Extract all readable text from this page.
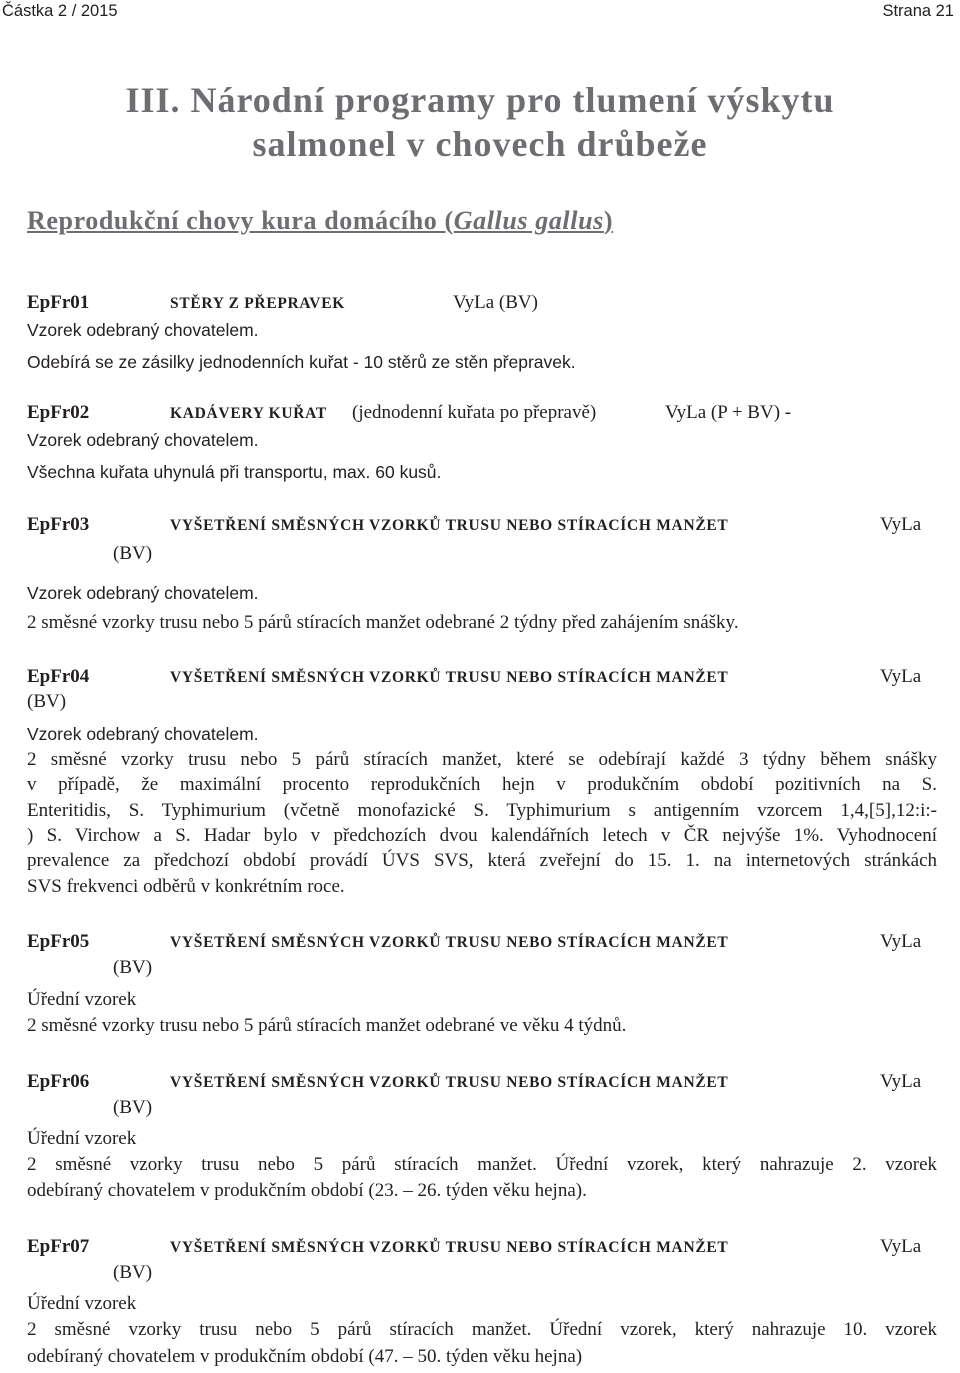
Částka 2 / 2015	Strana 21
III. Národní programy pro tlumení výskytu
salmonel v chovech drůbeže
Reprodukční chovy kura domácího (Gallus gallus)
EpFr01	STĚRY Z PŘEPRAVEK	VyLa (BV)
Vzorek odebraný chovatelem.
Odebírá se ze zásilky jednodenních kuřat - 10 stěrů ze stěn přepravek.
EpFr02	KADÁVERY KUŘAT (jednodenní kuřata po přepravě)	VyLa (P + BV) -
Vzorek odebraný chovatelem.
Všechna kuřata uhynulá při transportu, max. 60 kusů.
EpFr03	VYŠETŘENÍ SMĚSNÝCH VZORKŮ TRUSU NEBO STÍRACÍCH MANŽET	VyLa
(BV)
Vzorek odebraný chovatelem.
2 směsné vzorky trusu nebo 5 párů stíracích manžet odebrané 2 týdny před zahájením snášky.
EpFr04	VYŠETŘENÍ SMĚSNÝCH VZORKŮ TRUSU NEBO STÍRACÍCH MANŽET	VyLa
(BV)
Vzorek odebraný chovatelem.
2 směsné vzorky trusu nebo 5 párů stíracích manžet, které se odebírají každé 3 týdny během snášky
v případě, že maximální procento reprodukčních hejn v produkčním období pozitivních na S.
Enteritidis, S. Typhimurium (včetně monofazické S. Typhimurium s antigenním vzorcem 1,4,[5],12:i:-
) S. Virchow a S. Hadar bylo v předchozích dvou kalendářních letech v ČR nejvýše 1%. Vyhodnocení
prevalence za předchozí období provádí ÚVS SVS, která zveřejní do 15. 1. na internetových stránkách
SVS frekvenci odběrů v konkrétním roce.
EpFr05	VYŠETŘENÍ SMĚSNÝCH VZORKŮ TRUSU NEBO STÍRACÍCH MANŽET	VyLa
(BV)
Úřední vzorek
2 směsné vzorky trusu nebo 5 párů stíracích manžet odebrané ve věku 4 týdnů.
EpFr06	VYŠETŘENÍ SMĚSNÝCH VZORKŮ TRUSU NEBO STÍRACÍCH MANŽET	VyLa
(BV)
Úřední vzorek
2 směsné vzorky trusu nebo 5 párů stíracích manžet. Úřední vzorek, který nahrazuje 2. vzorek
odebíraný chovatelem v produkčním období (23. – 26. týden věku hejna).
EpFr07	VYŠETŘENÍ SMĚSNÝCH VZORKŮ TRUSU NEBO STÍRACÍCH MANŽET	VyLa
(BV)
Úřední vzorek
2 směsné vzorky trusu nebo 5 párů stíracích manžet. Úřední vzorek, který nahrazuje 10. vzorek
odebíraný chovatelem v produkčním období (47. – 50. týden věku hejna)
